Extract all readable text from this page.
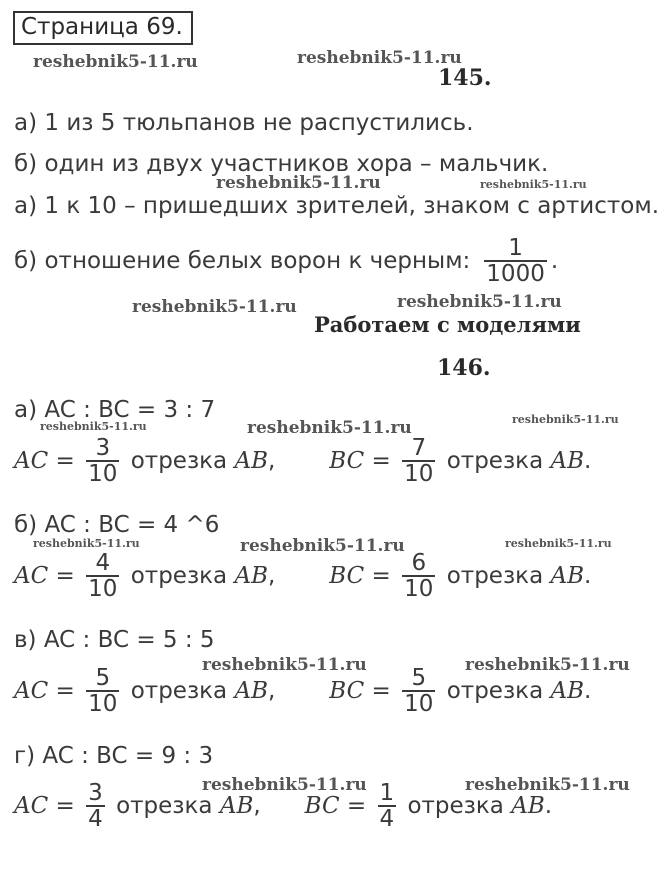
Страница 69.
reshebnik5-11.ru	reshebnik5-11.ru
145.
а) 1 из 5 тюльпанов не распустились.
б) один из двух участников хора – мальчик.
reshebnik5-11.ru	reshebnik5-11.ru
а) 1 к 10 – пришедших зрителей, знаком с артистом.
б) отношение белых ворон к черным: $\frac{1}{1000}$ .
reshebnik5-11.ru	reshebnik5-11.ru
Работаем с моделями
146.
а) AC : BC = 3 : 7
reshebnik5-11.ru	reshebnik5-11.ru	reshebnik5-11.ru
AC = $\frac{3}{10}$
отрезка
AB , BC = $\frac{7}{10}$
отрезка
AB .
б) AC : BC = 4 ^6
reshebnik5-11.ru	reshebnik5-11.ru	reshebnik5-11.ru
AC = $\frac{4}{10}$
отрезка
AB , BC = $\frac{6}{10}$
отрезка
AB .
в) AC : BC = 5 : 5
reshebnik5-11.ru	reshebnik5-11.ru
AC = $\frac{5}{10}$
отрезка
AB , BC = $\frac{5}{10}$
отрезка
AB .
г) AC : BC = 9 : 3
reshebnik5-11.ru	reshebnik5-11.ru
AC = $\frac{3}{4}$
отрезка
AB , BC = $\frac{1}{4}$
отрезка
AB .
